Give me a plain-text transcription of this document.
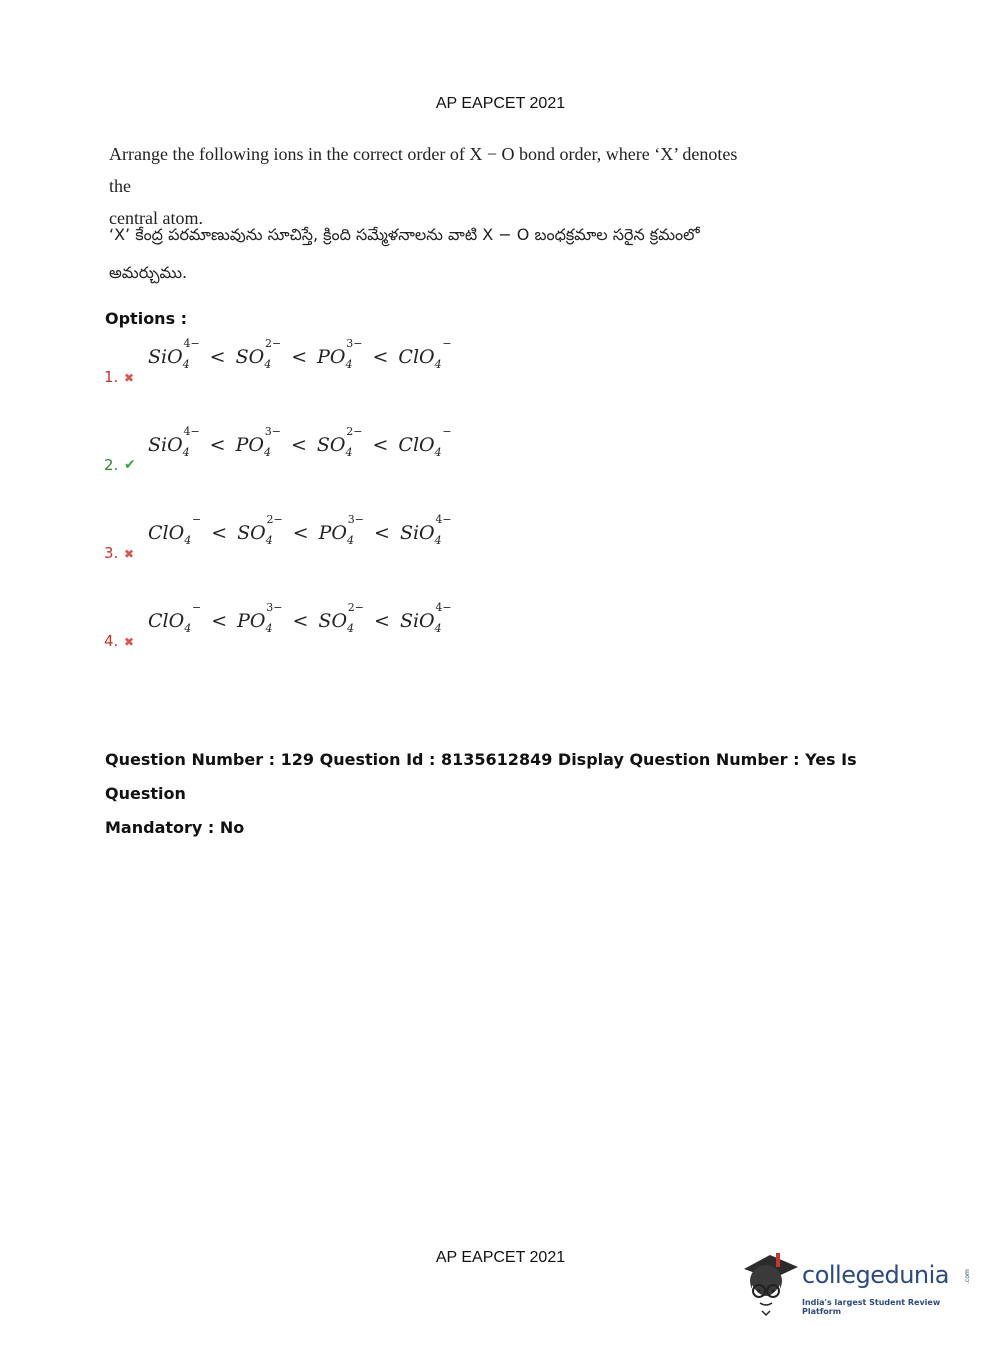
AP EAPCET 2021
Arrange the following ions in the correct order of X − O bond order, where ‘X’ denotes the
central atom.
‘X’ కేంద్ర పరమాణువును సూచిస్తే, క్రింది సమ్మేళనాలను వాటి X − O బంధక్రమాల సరైన క్రమంలో
అమర్చుము.
Options :
1. ✖
SiO$_4$
4−
< $SO_4$
2−
< $PO_4$
3−
< ClO$_4$
−
2. ✔
SiO$_4$
4−
< $PO_4$
3−
< $SO_4$
2−
< ClO$_4$
−
3. ✖
ClO$_4$
−
< $SO_4$
2−
< $PO_4$
3−
< SiO$_4$
4−
4. ✖
ClO$_4$
−
< $PO_4$
3−
< $SO_4$
2−
< SiO$_4$
4−
Question Number : 129 Question Id : 8135612849 Display Question Number : Yes Is Question
Mandatory : No
AP EAPCET 2021
collegedunia .com
India's largest Student Review Platform
